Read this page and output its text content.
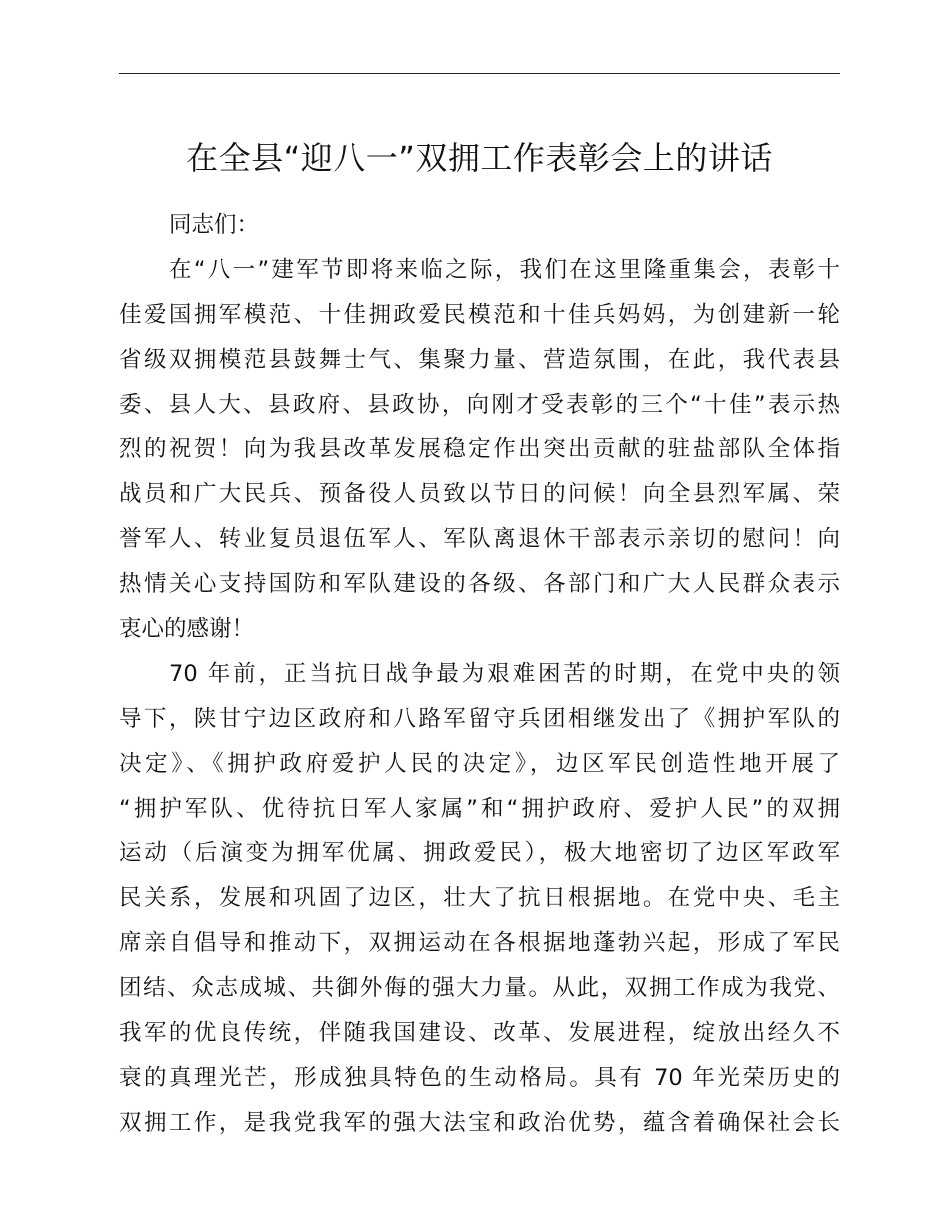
在全县“迎八一”双拥工作表彰会上的讲话
同志们：
在“八一”建军节即将来临之际，我们在这里隆重集会，表彰十
佳爱国拥军模范、十佳拥政爱民模范和十佳兵妈妈，为创建新一轮
省级双拥模范县鼓舞士气、集聚力量、营造氛围，在此，我代表县
委、县人大、县政府、县政协，向刚才受表彰的三个“十佳”表示热
烈的祝贺！向为我县改革发展稳定作出突出贡献的驻盐部队全体指
战员和广大民兵、预备役人员致以节日的问候！向全县烈军属、荣
誉军人、转业复员退伍军人、军队离退休干部表示亲切的慰问！向
热情关心支持国防和军队建设的各级、各部门和广大人民群众表示
衷心的感谢！
70 年前，正当抗日战争最为艰难困苦的时期，在党中央的领
导下，陕甘宁边区政府和八路军留守兵团相继发出了《拥护军队的
决定》、《拥护政府爱护人民的决定》，边区军民创造性地开展了
“拥护军队、优待抗日军人家属”和“拥护政府、爱护人民”的双拥
运动（后演变为拥军优属、拥政爱民），极大地密切了边区军政军
民关系，发展和巩固了边区，壮大了抗日根据地。在党中央、毛主
席亲自倡导和推动下，双拥运动在各根据地蓬勃兴起，形成了军民
团结、众志成城、共御外侮的强大力量。从此，双拥工作成为我党、
我军的优良传统，伴随我国建设、改革、发展进程，绽放出经久不
衰的真理光芒，形成独具特色的生动格局。具有 70 年光荣历史的
双拥工作，是我党我军的强大法宝和政治优势，蕴含着确保社会长
